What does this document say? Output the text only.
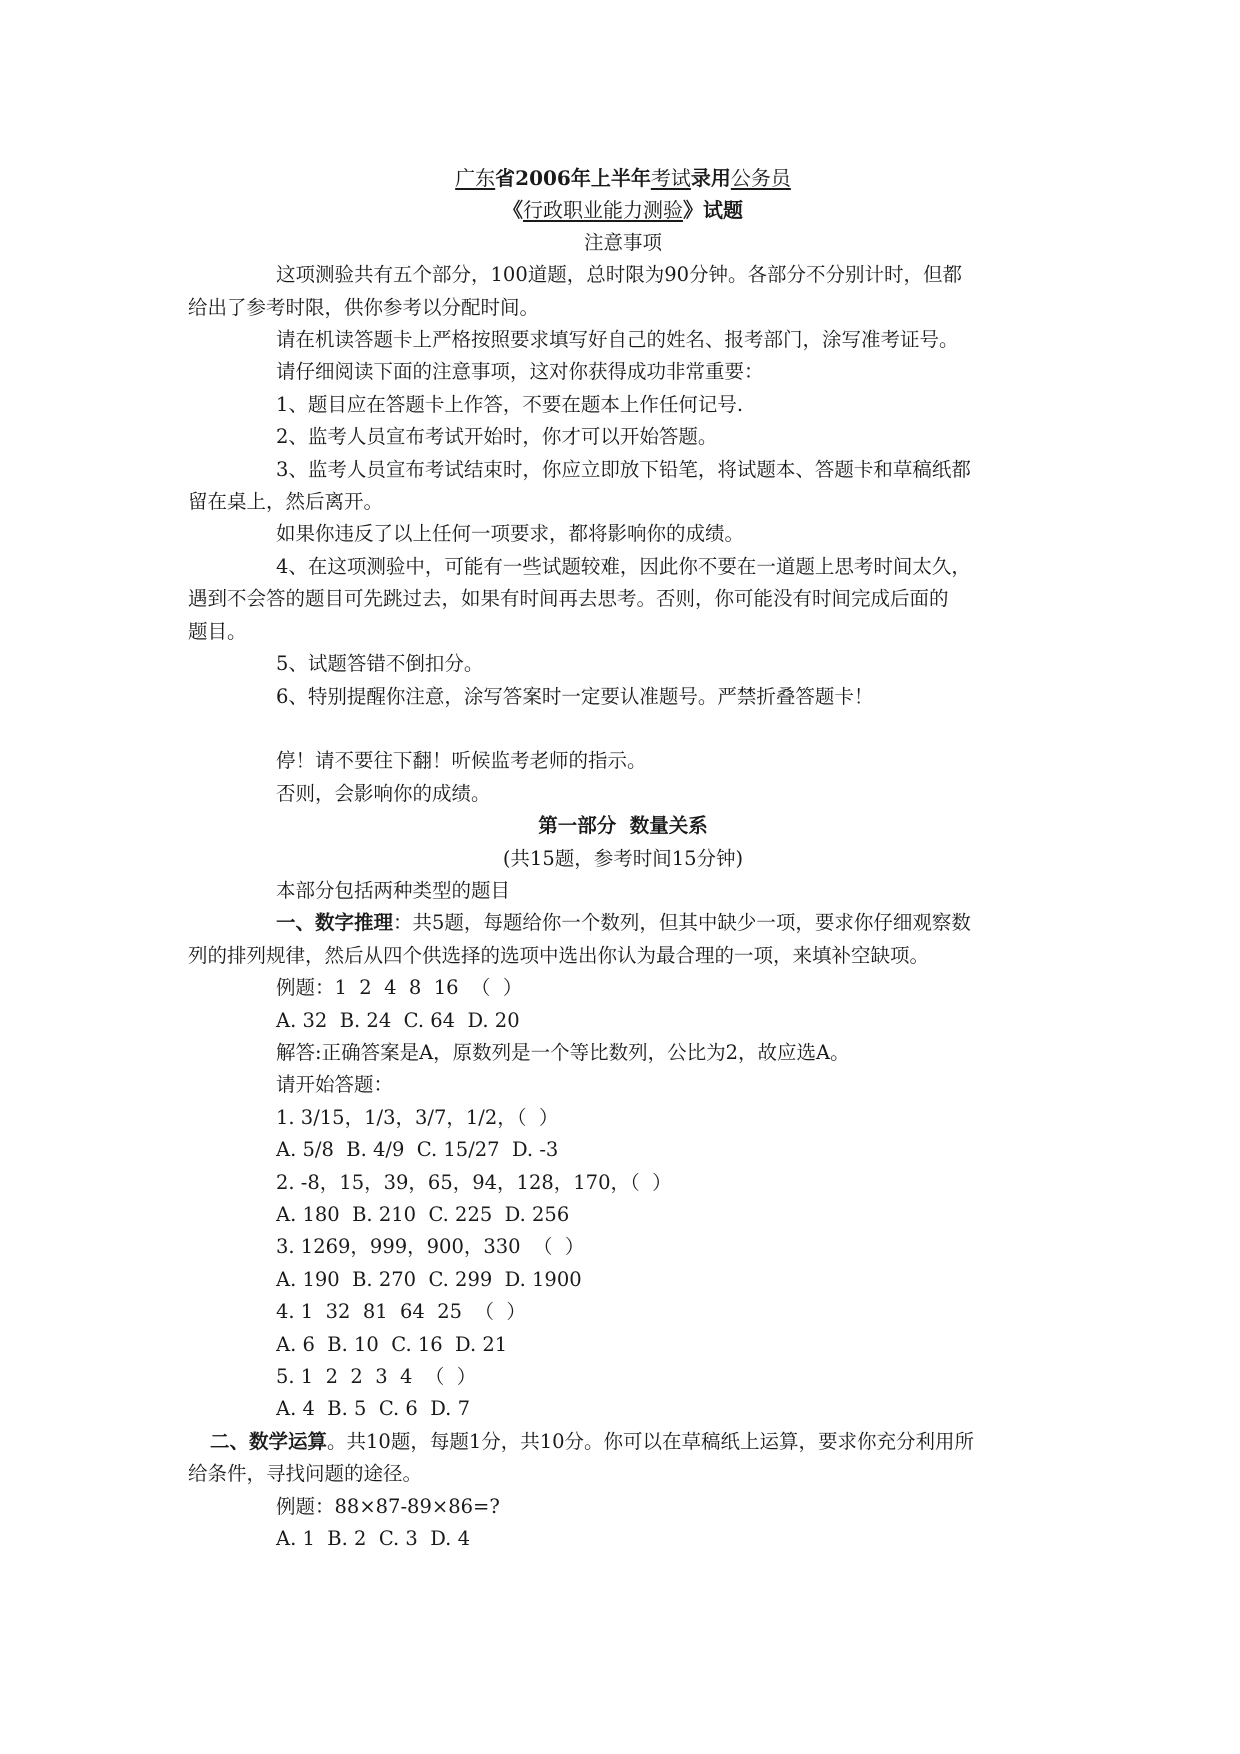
广东省2006年上半年考试录用公务员
《行政职业能力测验》试题
注意事项
这项测验共有五个部分，100道题，总时限为90分钟。各部分不分别计时，但都
给出了参考时限，供你参考以分配时间。
请在机读答题卡上严格按照要求填写好自己的姓名、报考部门，涂写准考证号。
请仔细阅读下面的注意事项，这对你获得成功非常重要：
1、题目应在答题卡上作答，不要在题本上作任何记号.
2、监考人员宣布考试开始时，你才可以开始答题。
3、监考人员宣布考试结束时，你应立即放下铅笔，将试题本、答题卡和草稿纸都
留在桌上，然后离开。
如果你违反了以上任何一项要求，都将影响你的成绩。
4、在这项测验中，可能有一些试题较难，因此你不要在一道题上思考时间太久，
遇到不会答的题目可先跳过去，如果有时间再去思考。否则，你可能没有时间完成后面的
题目。
5、试题答错不倒扣分。
6、特别提醒你注意，涂写答案时一定要认准题号。严禁折叠答题卡！
停！请不要往下翻！听候监考老师的指示。
否则，会影响你的成绩。
第一部分  数量关系
(共15题，参考时间15分钟)
本部分包括两种类型的题目
一、数字推理：共5题，每题给你一个数列，但其中缺少一项，要求你仔细观察数
列的排列规律，然后从四个供选择的选项中选出你认为最合理的一项，来填补空缺项。
例题：1  2  4  8  16  （  ）
A. 32  B. 24  C. 64  D. 20
解答:正确答案是A，原数列是一个等比数列，公比为2，故应选A。
请开始答题：
1. 3/15，1/3，3/7，1/2，（  ）
A. 5/8  B. 4/9  C. 15/27  D. -3
2. -8，15，39，65，94，128，170，（  ）
A. 180  B. 210  C. 225  D. 256
3. 1269，999，900，330  （  ）
A. 190  B. 270  C. 299  D. 1900
4. 1  32  81  64  25  （  ）
A. 6  B. 10  C. 16  D. 21
5. 1  2  2  3  4  （  ）
A. 4  B. 5  C. 6  D. 7
二、数学运算。共10题，每题1分，共10分。你可以在草稿纸上运算，要求你充分利用所
给条件，寻找问题的途径。
例题：88×87-89×86=?
A. 1  B. 2  C. 3  D. 4
